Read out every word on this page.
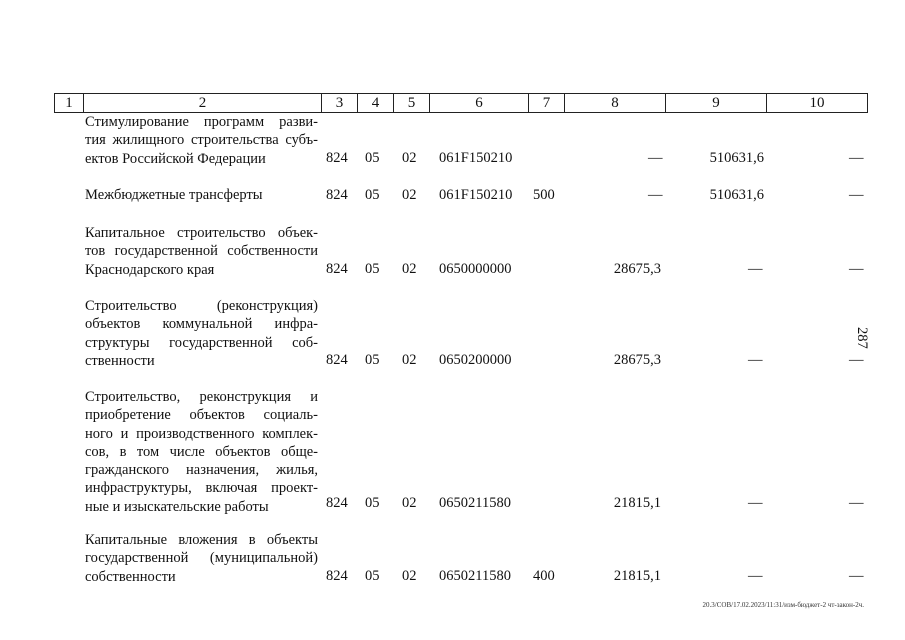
1	2	3	4	5	6	7	8	9	10
Стимулирование программ разви-
тия жилищного строительства субъ-
ектов Российской Федерации	824 05 02 061F150210	—	510631,6	—
Межбюджетные трансферты	824 05 02 061F150210 500	—	510631,6	—
Капитальное строительство объек-
тов государственной собственности
Краснодарского края	824 05 02 0650000000	28675,3	—	—
Строительство (реконструкция)
объектов коммунальной инфра-
структуры государственной соб-
ственности	824 05 02 0650200000	28675,3	—	—
Строительство, реконструкция и
приобретение объектов социаль-
ного и производственного комплек-
сов, в том числе объектов обще-
гражданского назначения, жилья,
инфраструктуры, включая проект-
ные и изыскательские работы	824 05 02 0650211580	21815,1	—	—
Капитальные вложения в объекты
государственной (муниципальной)
собственности	824 05 02 0650211580 400	21815,1	—	—
287
20.3/СОВ/17.02.2023/11:31/изм-бюджет-2 чт-закон-2ч.
